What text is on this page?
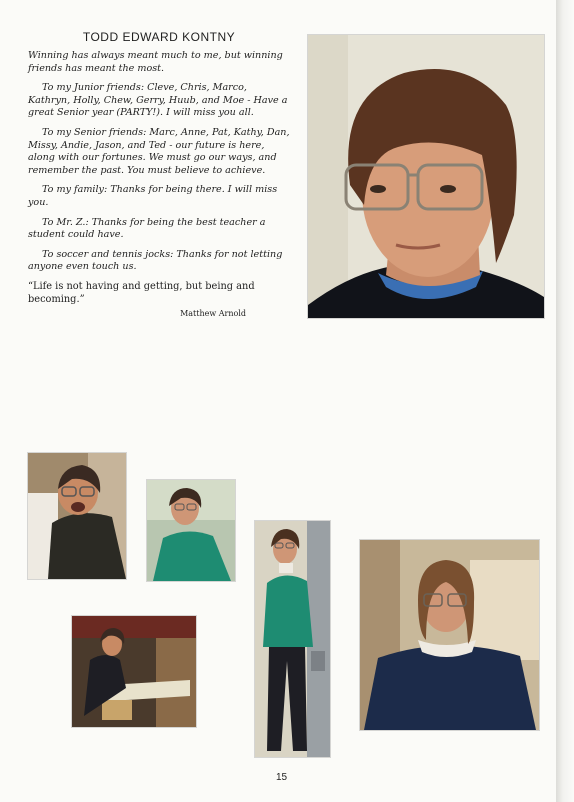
TODD EDWARD KONTNY

Winning has always meant much to me, but winning friends has meant the most.

To my Junior friends: Cleve, Chris, Marco, Kathryn, Holly, Chew, Gerry, Huub, and Moe - Have a great Senior year (PARTY!). I will miss you all.

To my Senior friends: Marc, Anne, Pat, Kathy, Dan, Missy, Andie, Jason, and Ted - our future is here, along with our fortunes. We must go our ways, and remember the past. You must believe to achieve.

To my family: Thanks for being there. I will miss you.

To Mr. Z.: Thanks for being the best teacher a student could have.

To soccer and tennis jocks: Thanks for not letting anyone even touch us.

“Life is not having and getting, but being and becoming.”

Matthew Arnold

15
